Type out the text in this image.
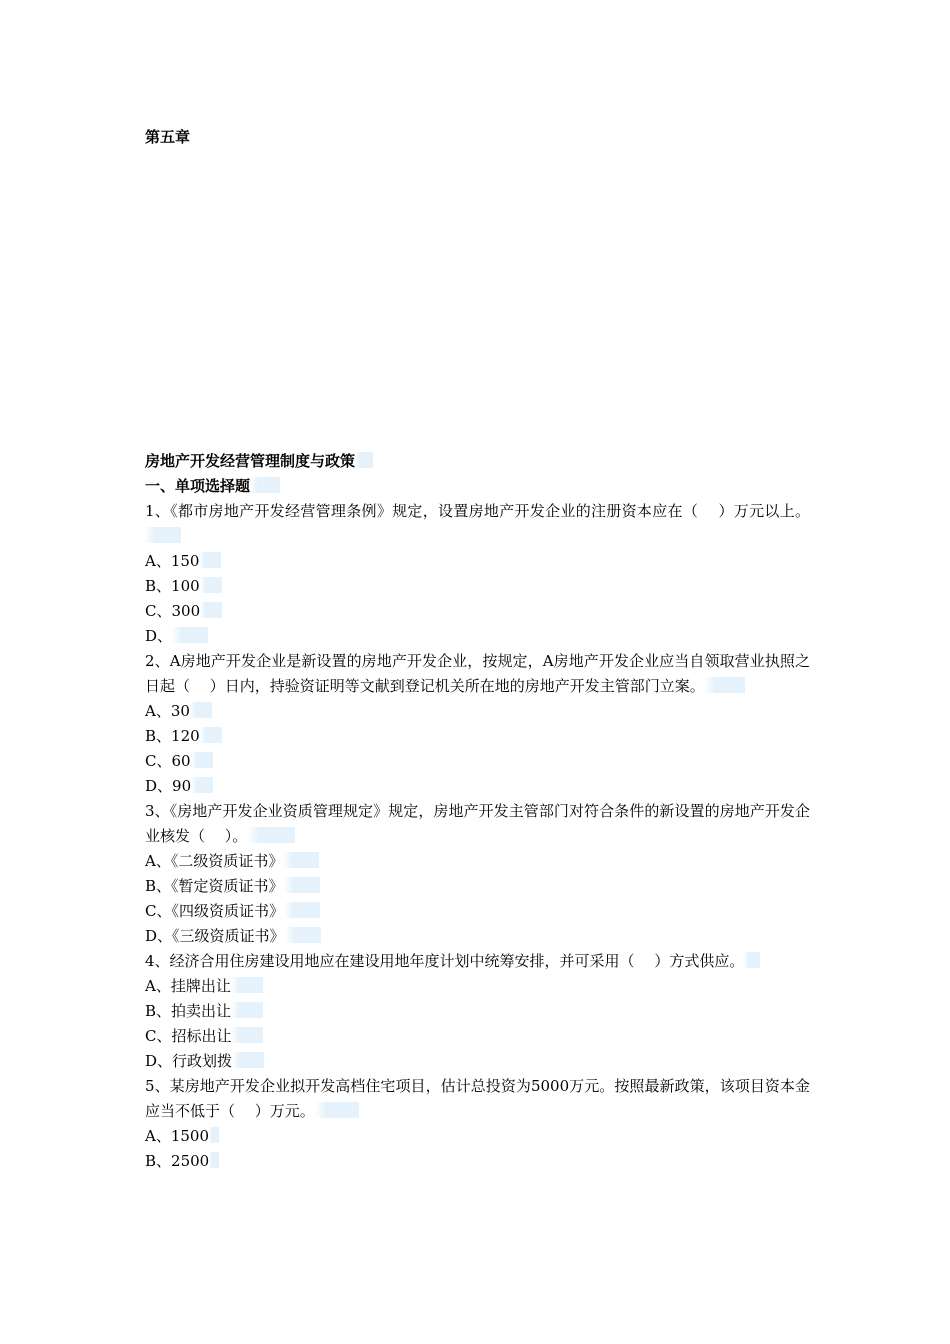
第五章

房地产开发经营管理制度与政策

一、单项选择题

1、《都市房地产开发经营管理条例》规定，设置房地产开发企业的注册资本应在（　 ）万元以上。

A、150

B、100

C、300

D、

2、A房地产开发企业是新设置的房地产开发企业，按规定，A房地产开发企业应当自领取营业执照之日起（　 ）日内，持验资证明等文献到登记机关所在地的房地产开发主管部门立案。

A、30

B、120

C、60

D、90

3、《房地产开发企业资质管理规定》规定，房地产开发主管部门对符合条件的新设置的房地产开发企业核发（　 ）。

A、《二级资质证书》

B、《暂定资质证书》

C、《四级资质证书》

D、《三级资质证书》

4、经济合用住房建设用地应在建设用地年度计划中统筹安排，并可采用（　 ）方式供应。

A、挂牌出让

B、拍卖出让

C、招标出让

D、行政划拨

5、某房地产开发企业拟开发高档住宅项目，估计总投资为5000万元。按照最新政策，该项目资本金应当不低于（　 ）万元。

A、1500

B、2500
